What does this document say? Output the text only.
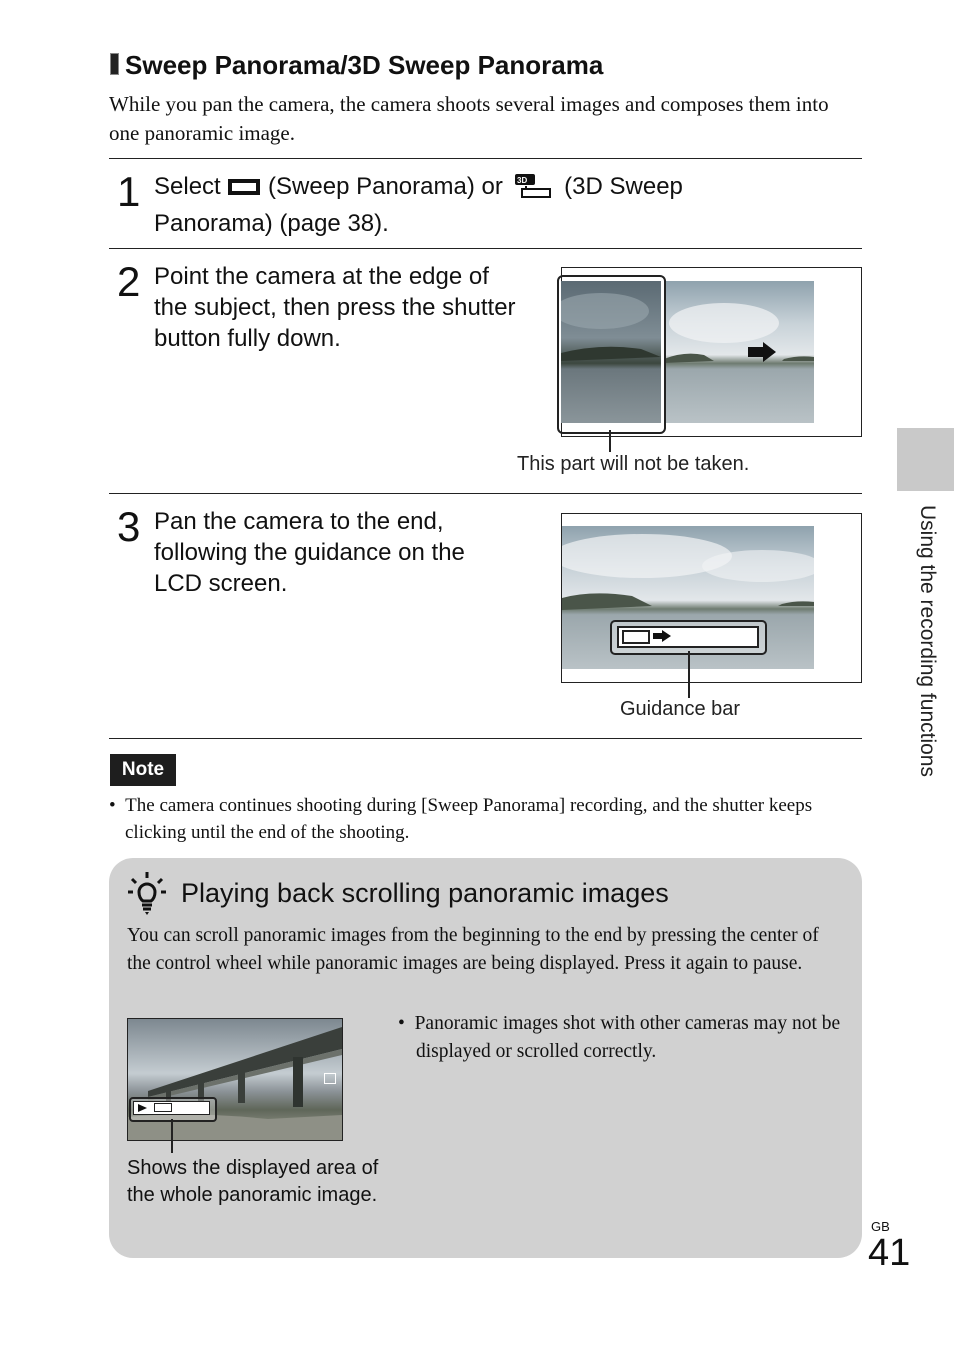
Sweep Panorama/3D Sweep Panorama
While you pan the camera, the camera shoots several images and composes them into one panoramic image.
1 Select (Sweep Panorama) or 3D (3D Sweep
Panorama) (page 38).
2 Point the camera at the edge of the subject, then press the shutter button fully down.
This part will not be taken.
3 Pan the camera to the end, following the guidance on the LCD screen.
Guidance bar
Note
• The camera continues shooting during [Sweep Panorama] recording, and the shutter keeps clicking until the end of the shooting.
Playing back scrolling panoramic images
You can scroll panoramic images from the beginning to the end by pressing the center of the control wheel while panoramic images are being displayed. Press it again to pause.
Shows the displayed area of the whole panoramic image.
• Panoramic images shot with other cameras may not be displayed or scrolled correctly.
Using the recording functions
GB
41
